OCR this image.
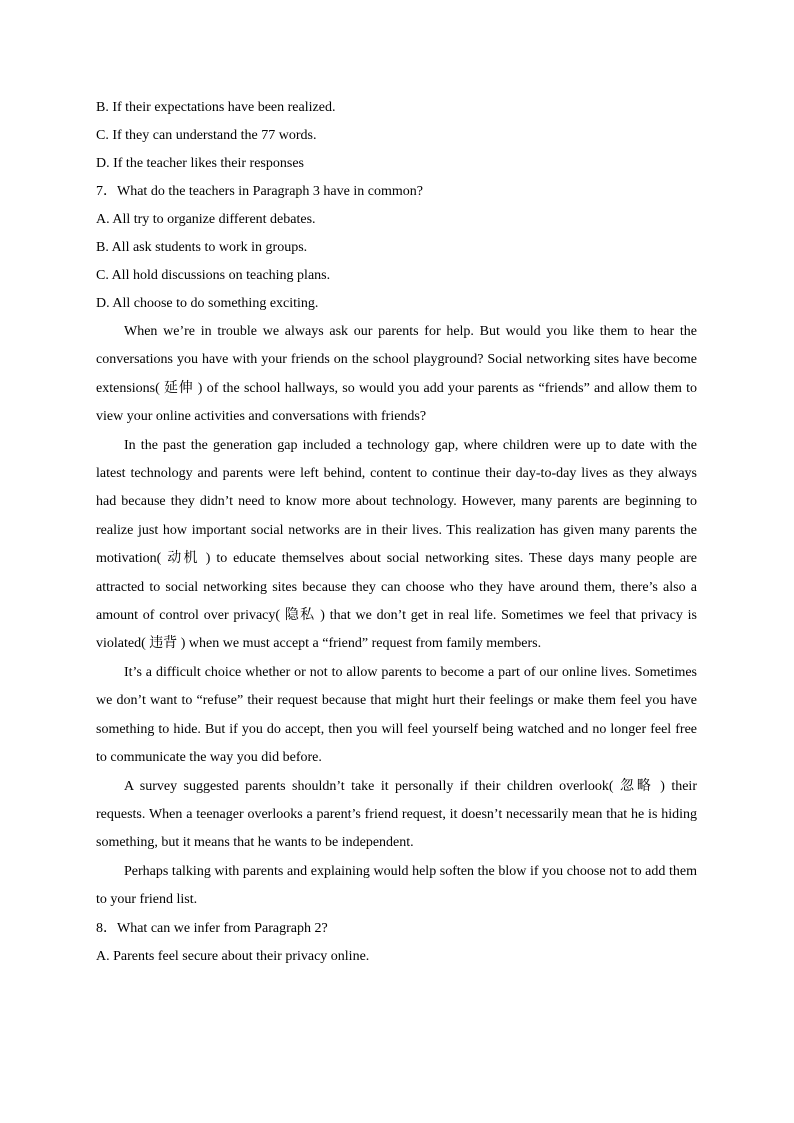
B. If their expectations have been realized.
C. If they can understand the 77 words.
D. If the teacher likes their responses
7．What do the teachers in Paragraph 3 have in common?
A. All try to organize different debates.
B. All ask students to work in groups.
C. All hold discussions on teaching plans.
D. All choose to do something exciting.

When we’re in trouble we always ask our parents for help. But would you like them to hear the conversations you have with your friends on the school playground? Social networking sites have become extensions( 延伸 ) of the school hallways, so would you add your parents as “friends” and allow them to view your online activities and conversations with friends?

In the past the generation gap included a technology gap, where children were up to date with the latest technology and parents were left behind, content to continue their day-to-day lives as they always had because they didn’t need to know more about technology. However, many parents are beginning to realize just how important social networks are in their lives. This realization has given many parents the motivation( 动机 ) to educate themselves about social networking sites. These days many people are attracted to social networking sites because they can choose who they have around them, there’s also a amount of control over privacy( 隐私 ) that we don’t get in real life. Sometimes we feel that privacy is violated( 违背 ) when we must accept a “friend” request from family members.

It’s a difficult choice whether or not to allow parents to become a part of our online lives. Sometimes we don’t want to “refuse” their request because that might hurt their feelings or make them feel you have something to hide. But if you do accept, then you will feel yourself being watched and no longer feel free to communicate the way you did before.

A survey suggested parents shouldn’t take it personally if their children overlook( 忽略 ) their requests. When a teenager overlooks a parent’s friend request, it doesn’t necessarily mean that he is hiding something, but it means that he wants to be independent.

Perhaps talking with parents and explaining would help soften the blow if you choose not to add them to your friend list.

8．What can we infer from Paragraph 2?
A. Parents feel secure about their privacy online.
